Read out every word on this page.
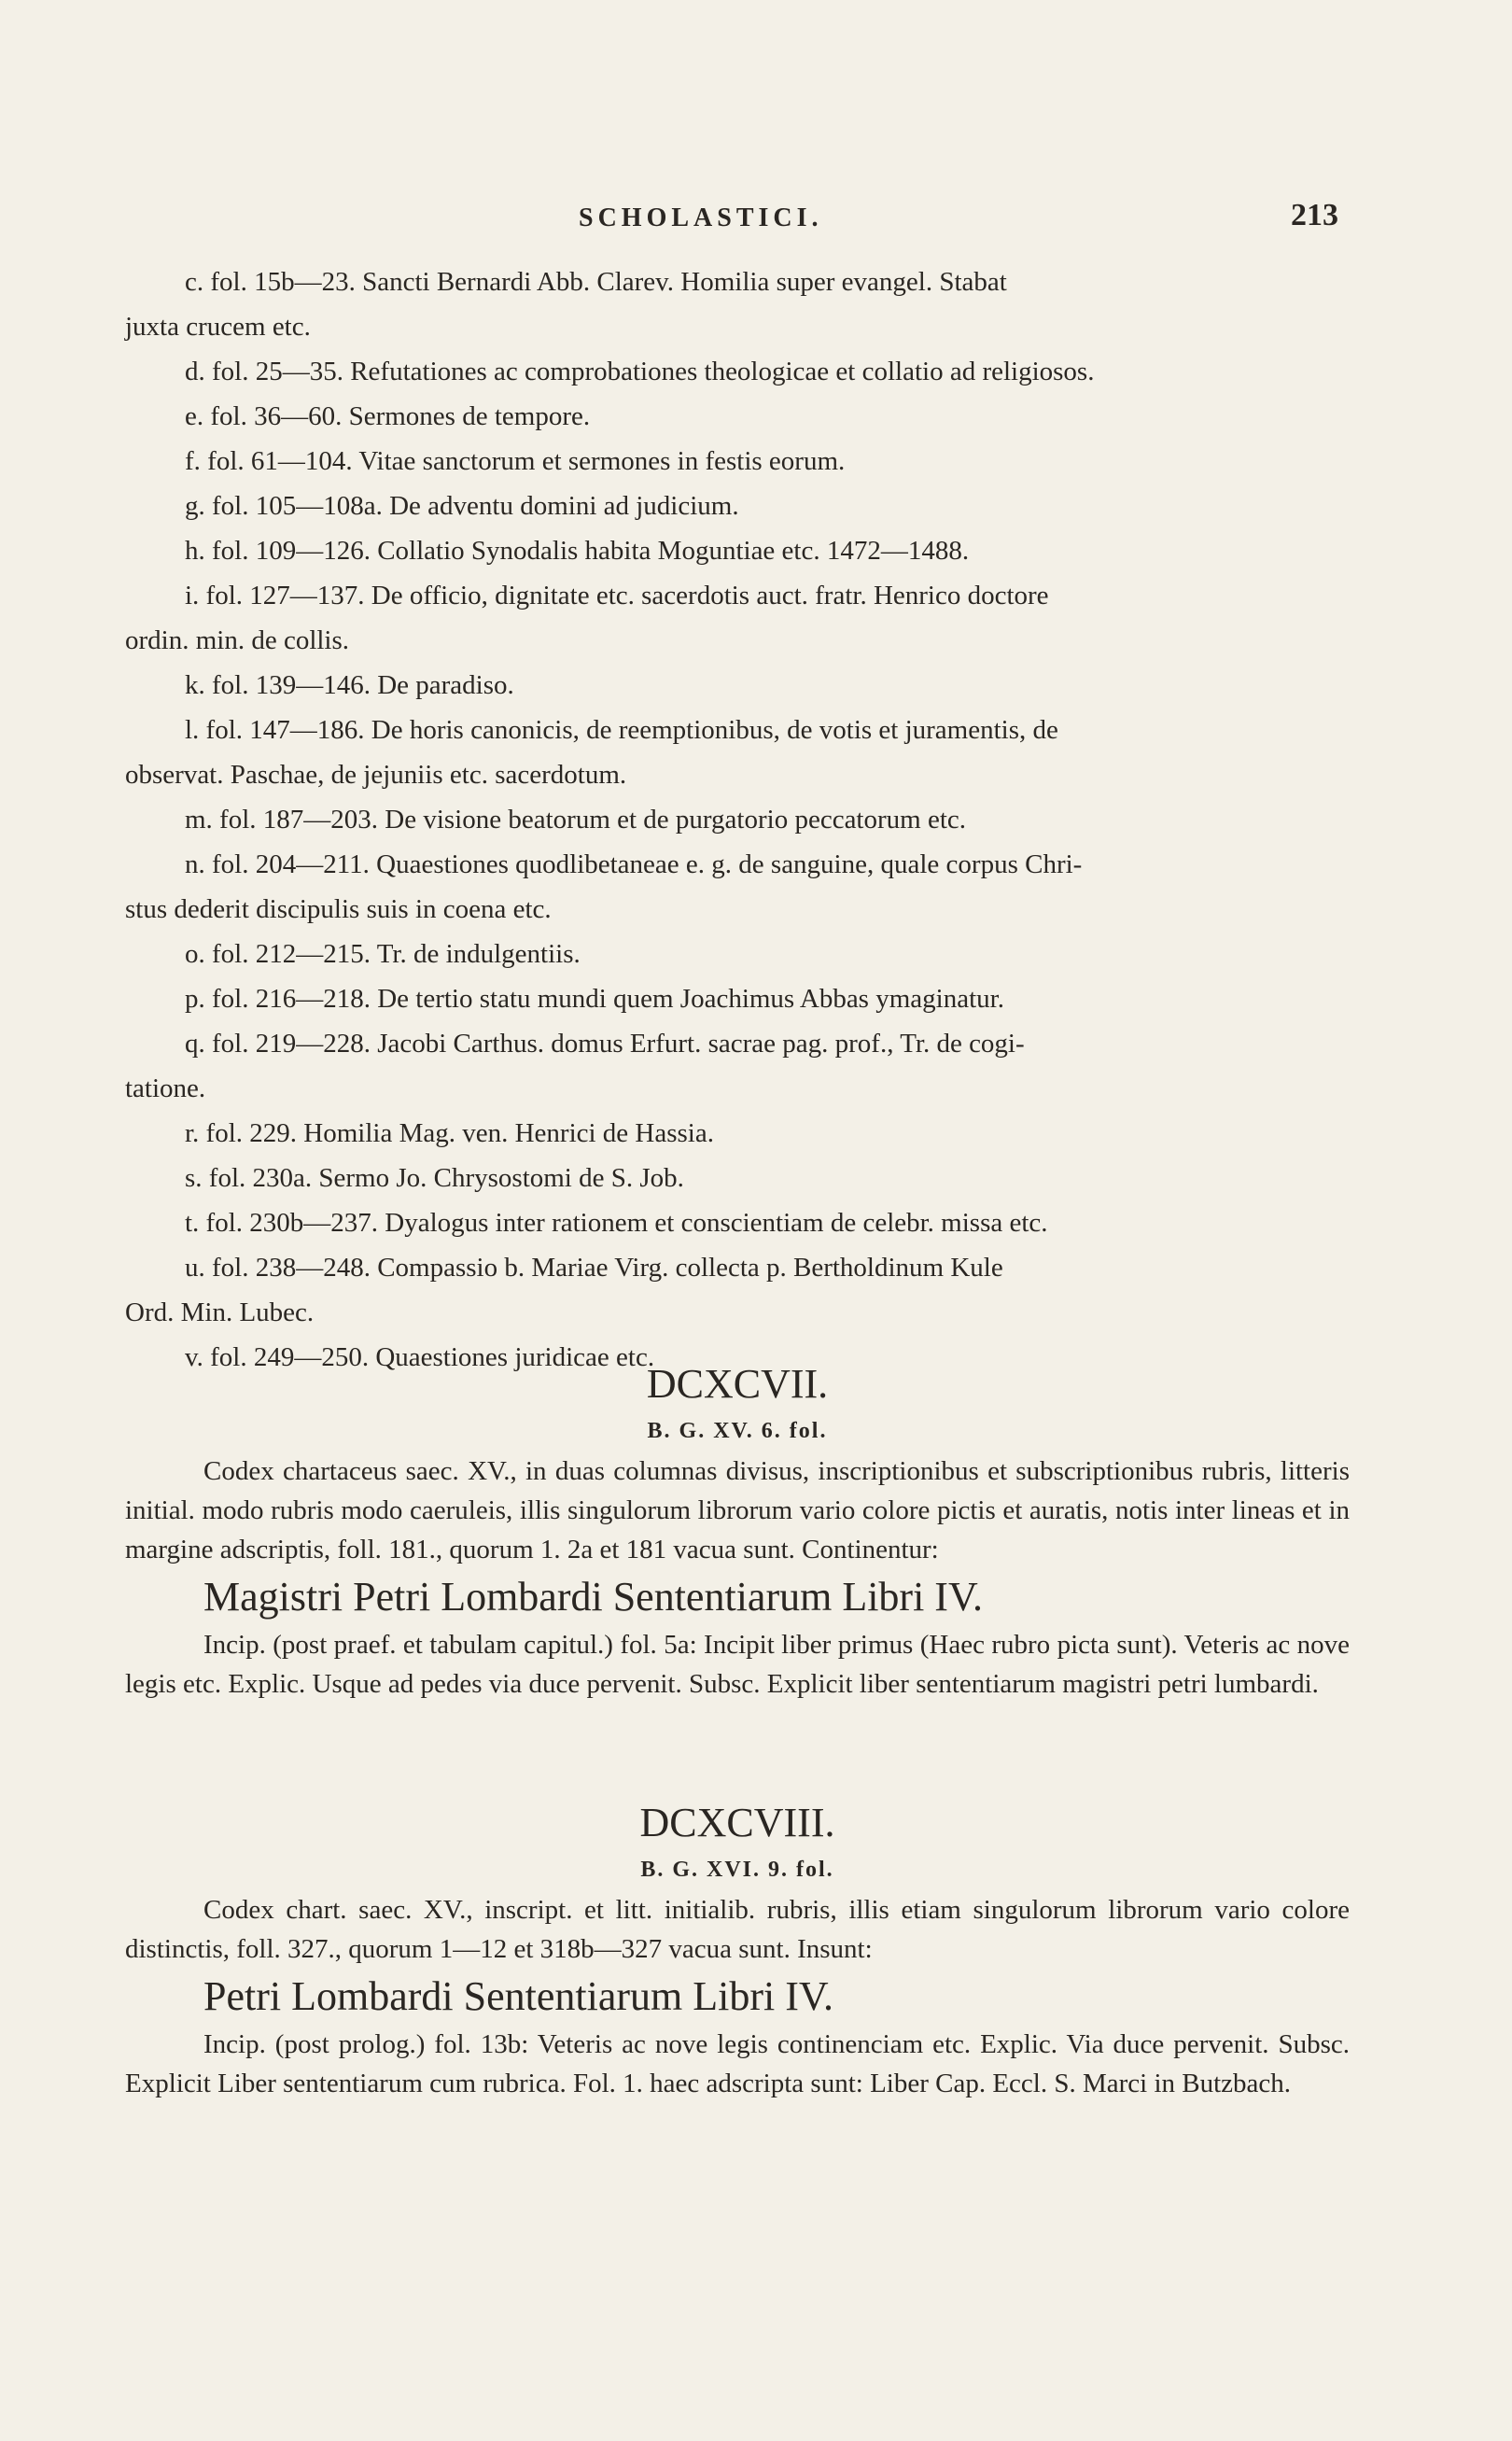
SCHOLASTICI.	213
c. fol. 15b—23. Sancti Bernardi Abb. Clarev. Homilia super evangel. Stabat
juxta crucem etc.
d. fol. 25—35. Refutationes ac comprobationes theologicae et collatio ad religiosos.
e. fol. 36—60. Sermones de tempore.
f. fol. 61—104. Vitae sanctorum et sermones in festis eorum.
g. fol. 105—108a. De adventu domini ad judicium.
h. fol. 109—126. Collatio Synodalis habita Moguntiae etc. 1472—1488.
i. fol. 127—137. De officio, dignitate etc. sacerdotis auct. fratr. Henrico doctore
ordin. min. de collis.
k. fol. 139—146. De paradiso.
l. fol. 147—186. De horis canonicis, de reemptionibus, de votis et juramentis, de
observat. Paschae, de jejuniis etc. sacerdotum.
m. fol. 187—203. De visione beatorum et de purgatorio peccatorum etc.
n. fol. 204—211. Quaestiones quodlibetaneae e. g. de sanguine, quale corpus Chri-
stus dederit discipulis suis in coena etc.
o. fol. 212—215. Tr. de indulgentiis.
p. fol. 216—218. De tertio statu mundi quem Joachimus Abbas ymaginatur.
q. fol. 219—228. Jacobi Carthus. domus Erfurt. sacrae pag. prof., Tr. de cogi-
tatione.
r. fol. 229. Homilia Mag. ven. Henrici de Hassia.
s. fol. 230a. Sermo Jo. Chrysostomi de S. Job.
t. fol. 230b—237. Dyalogus inter rationem et conscientiam de celebr. missa etc.
u. fol. 238—248. Compassio b. Mariae Virg. collecta p. Bertholdinum Kule
Ord. Min. Lubec.
v. fol. 249—250. Quaestiones juridicae etc.
DCXCVII.
B. G. XV. 6. fol.
Codex chartaceus saec. XV., in duas columnas divisus, inscriptionibus et subscriptionibus rubris, litteris initial. modo rubris modo caeruleis, illis singulorum librorum vario colore pictis et auratis, notis inter lineas et in margine adscriptis, foll. 181., quorum 1. 2a et 181 vacua sunt. Continentur:
Magistri Petri Lombardi Sententiarum Libri IV.
Incip. (post praef. et tabulam capitul.) fol. 5a: Incipit liber primus (Haec rubro picta sunt). Veteris ac nove legis etc. Explic. Usque ad pedes via duce pervenit. Subsc. Explicit liber sententiarum magistri petri lumbardi.
DCXCVIII.
B. G. XVI. 9. fol.
Codex chart. saec. XV., inscript. et litt. initialib. rubris, illis etiam singulorum librorum vario colore distinctis, foll. 327., quorum 1—12 et 318b—327 vacua sunt. Insunt:
Petri Lombardi Sententiarum Libri IV.
Incip. (post prolog.) fol. 13b: Veteris ac nove legis continenciam etc. Explic. Via duce pervenit. Subsc. Explicit Liber sententiarum cum rubrica. Fol. 1. haec adscripta sunt: Liber Cap. Eccl. S. Marci in Butzbach.
